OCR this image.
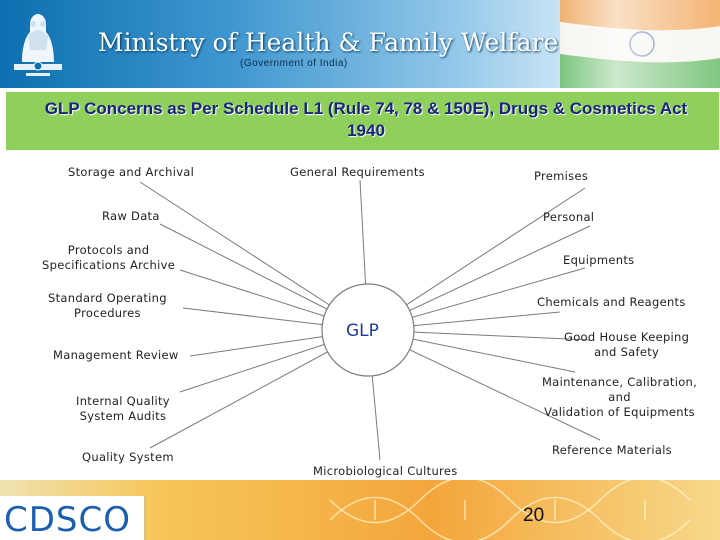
Ministry of Health & Family Welfare
(Government of India)
GLP Concerns as Per Schedule L1 (Rule 74, 78 & 150E), Drugs & Cosmetics Act
1940
GLP
Storage and Archival	General Requirements	Premises
Raw Data	Personal
Protocols and
Specifications Archive	Equipments
Standard Operating
Procedures
Chemicals and Reagents
Management Review
Good House Keeping
and Safety
Internal Quality
System Audits
Maintenance, Calibration,
and
Validation of Equipments
Quality System	Reference Materials
Microbiological Cultures
CDSCO	20
